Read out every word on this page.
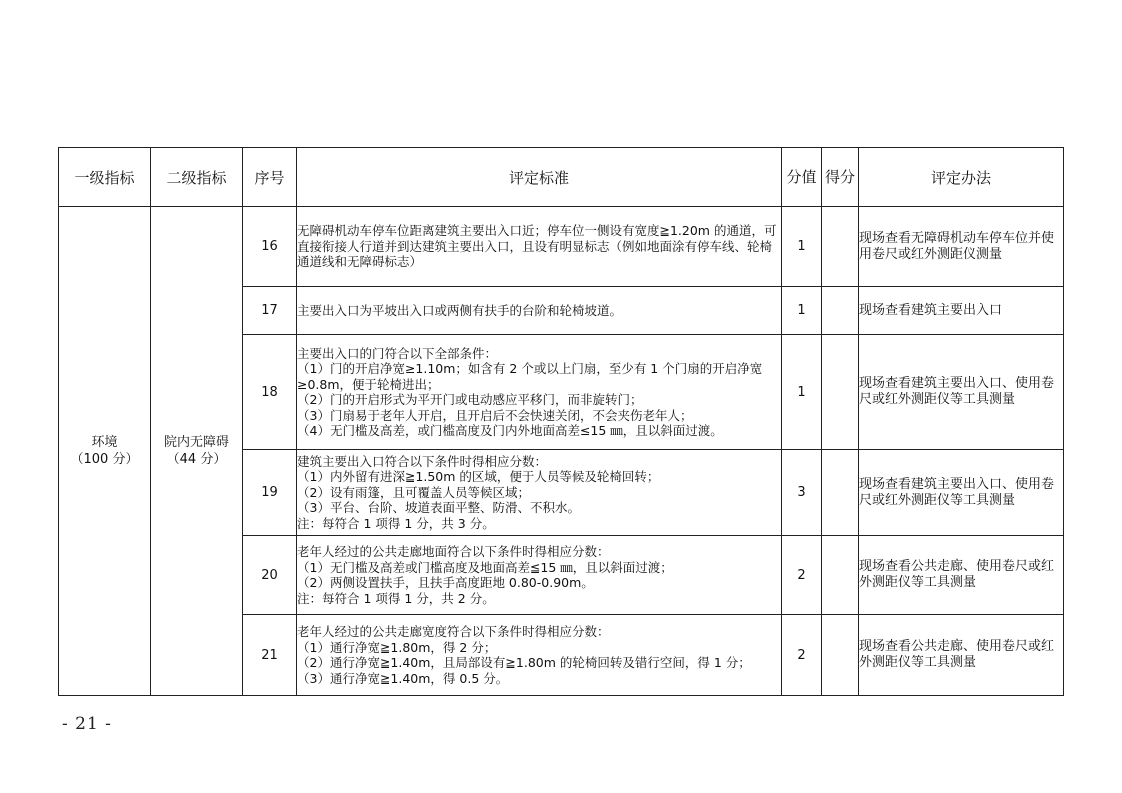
一级指标	二级指标	序号	评定标准	分值	得分	评定办法

环境
（100 分）	院内无障碍
（44 分）	16	无障碍机动车停车位距离建筑主要出入口近；停车位一侧设有宽度≧1.20m 的通道，可直接衔接人行道并到达建筑主要出入口，且设有明显标志（例如地面涂有停车线、轮椅通道线和无障碍标志）	1		现场查看无障碍机动车停车位并使用卷尺或红外测距仪测量
		17	主要出入口为平坡出入口或两侧有扶手的台阶和轮椅坡道。	1		现场查看建筑主要出入口
		18	主要出入口的门符合以下全部条件：
（1）门的开启净宽≥1.10m；如含有 2 个或以上门扇，至少有 1 个门扇的开启净宽≥0.8m，便于轮椅进出；
（2）门的开启形式为平开门或电动感应平移门，而非旋转门；
（3）门扇易于老年人开启，且开启后不会快速关闭，不会夹伤老年人；
（4）无门槛及高差，或门槛高度及门内外地面高差≤15 ㎜，且以斜面过渡。	1		现场查看建筑主要出入口、使用卷尺或红外测距仪等工具测量
		19	建筑主要出入口符合以下条件时得相应分数：
（1）内外留有进深≧1.50m 的区域，便于人员等候及轮椅回转；
（2）设有雨篷，且可覆盖人员等候区域；
（3）平台、台阶、坡道表面平整、防滑、不积水。
注：每符合 1 项得 1 分，共 3 分。	3		现场查看建筑主要出入口、使用卷尺或红外测距仪等工具测量
		20	老年人经过的公共走廊地面符合以下条件时得相应分数：
（1）无门槛及高差或门槛高度及地面高差≦15 ㎜，且以斜面过渡；
（2）两侧设置扶手，且扶手高度距地 0.80-0.90m。
注：每符合 1 项得 1 分，共 2 分。	2		现场查看公共走廊、使用卷尺或红外测距仪等工具测量
		21	老年人经过的公共走廊宽度符合以下条件时得相应分数：
（1）通行净宽≧1.80m，得 2 分；
（2）通行净宽≧1.40m，且局部设有≧1.80m 的轮椅回转及错行空间，得 1 分；
（3）通行净宽≧1.40m，得 0.5 分。	2		现场查看公共走廊、使用卷尺或红外测距仪等工具测量
- 21 -
